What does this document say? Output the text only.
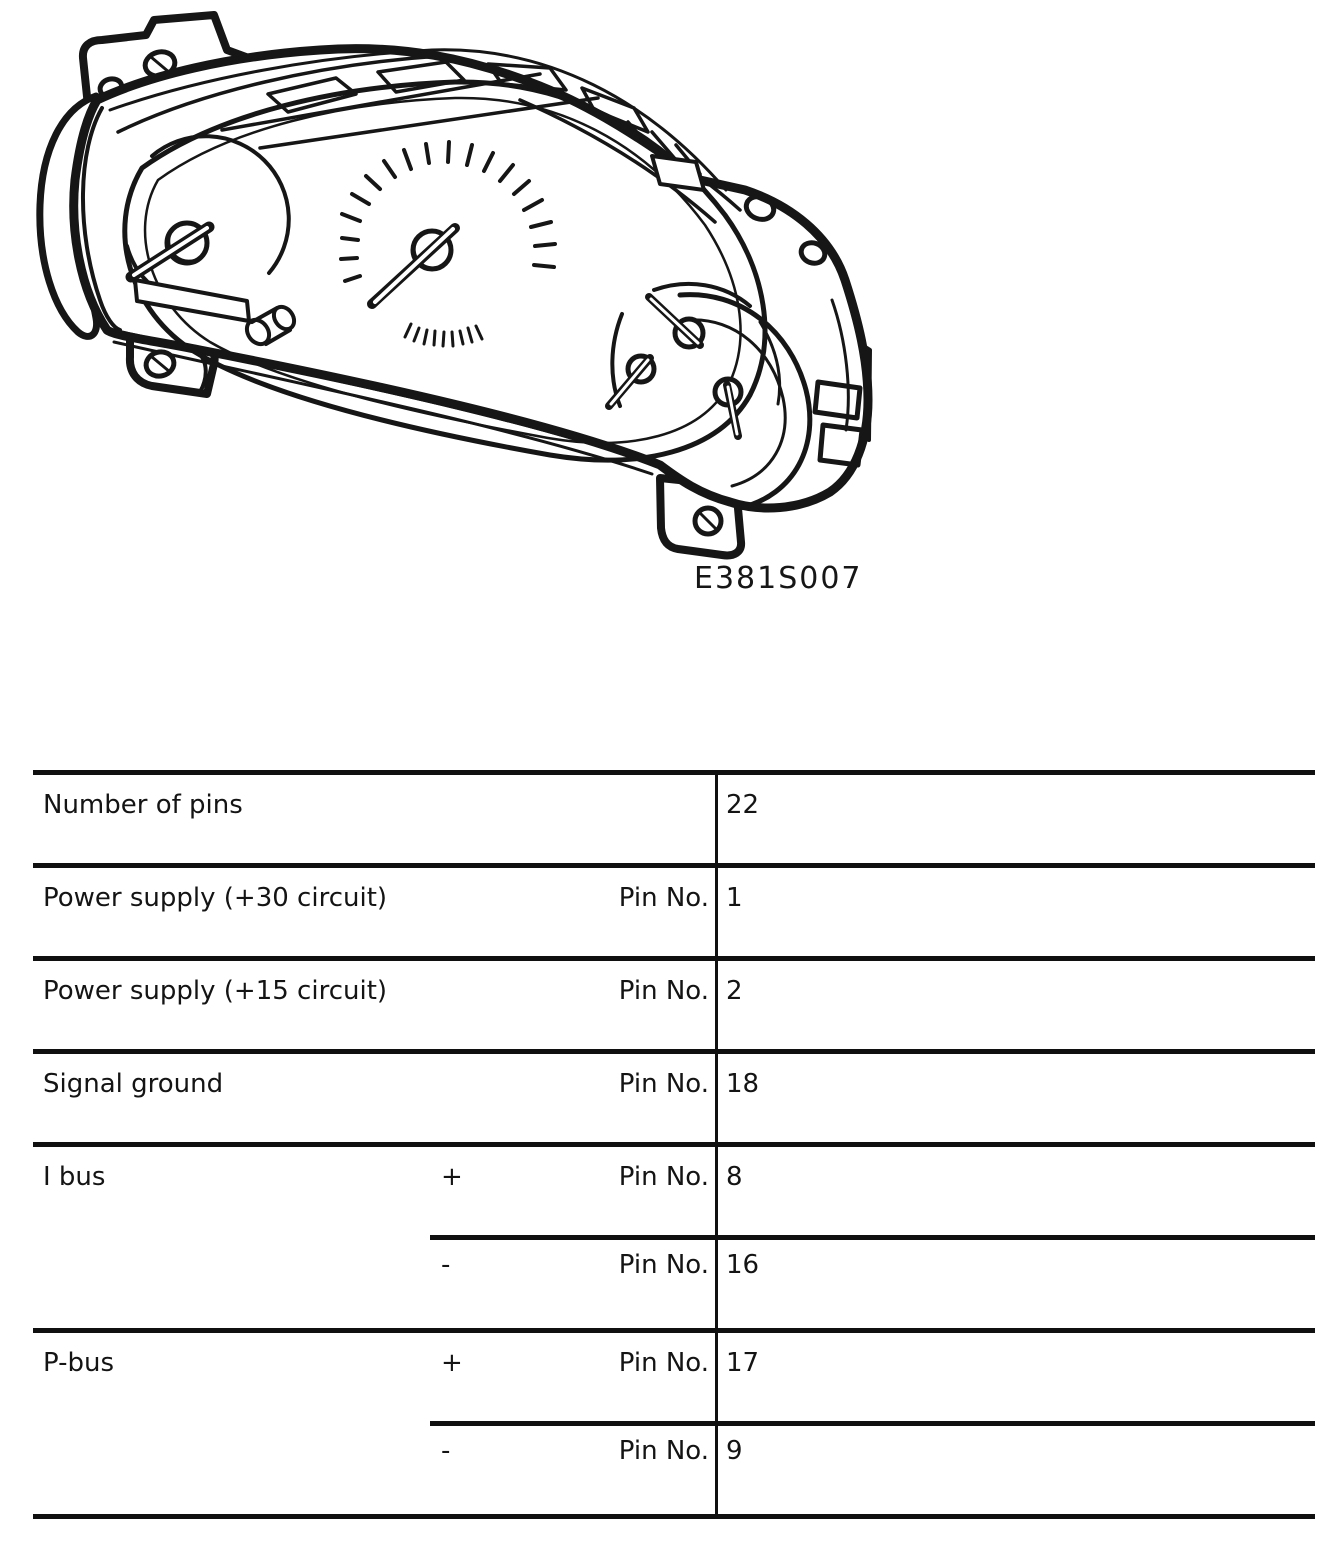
E381S007
Number of pins	22
Power supply (+30 circuit)	Pin No. 1
Power supply (+15 circuit)	Pin No. 2
Signal ground	Pin No. 18
I bus	+	Pin No. 8
-	Pin No. 16
P-bus	+	Pin No. 17
-	Pin No. 9
